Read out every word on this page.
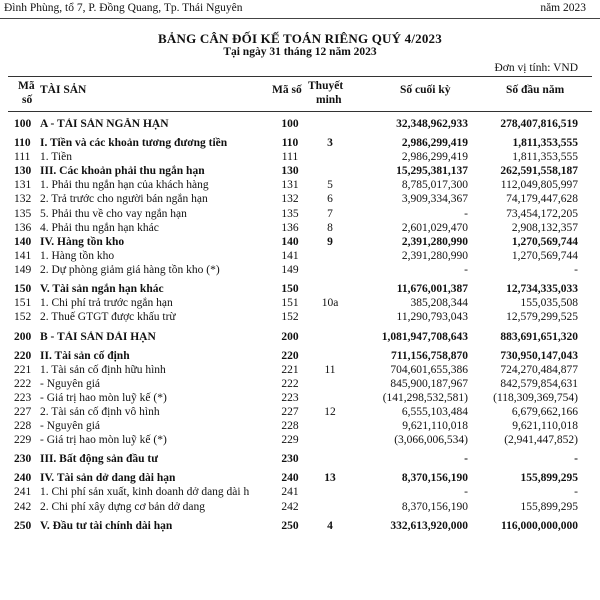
Đình Phùng, tổ 7, P. Đồng Quang, Tp. Thái Nguyên	năm 2023
BẢNG CÂN ĐỐI KẾ TOÁN RIÊNG QUÝ 4/2023
Tại ngày 31 tháng 12 năm 2023
Đơn vị tính: VND
Mã
số
TÀI SẢN	Mã số Thuyết
minh
Số cuối kỳ	Số đầu năm
100 A - TÀI SẢN NGẮN HẠN	100	32,348,962,933	278,407,816,519
110 I. Tiền và các khoản tương đương tiền	110	3	2,986,299,419	1,811,353,555
111 1. Tiền	111	2,986,299,419	1,811,353,555
130 III. Các khoản phải thu ngắn hạn	130	15,295,381,137	262,591,558,187
131 1. Phải thu ngắn hạn của khách hàng	131	5	8,785,017,300	112,049,805,997
132 2. Trả trước cho người bán ngắn hạn	132	6	3,909,334,367	74,179,447,628
135 5. Phải thu về cho vay ngắn hạn	135	7	-	73,454,172,205
136 4. Phải thu ngắn hạn khác	136	8	2,601,029,470	2,908,132,357
140 IV. Hàng tồn kho	140	9	2,391,280,990	1,270,569,744
141 1. Hàng tồn kho	141	2,391,280,990	1,270,569,744
149 2. Dự phòng giảm giá hàng tồn kho (*)	149	-	-
150 V. Tài sản ngắn hạn khác	150	11,676,001,387	12,734,335,033
151 1. Chi phí trả trước ngắn hạn	151	10a	385,208,344	155,035,508
152 2. Thuế GTGT được khấu trừ	152	11,290,793,043	12,579,299,525
200 B - TÀI SẢN DÀI HẠN	200	1,081,947,708,643	883,691,651,320
220 II. Tài sản cố định	220	711,156,758,870	730,950,147,043
221 1. Tài sản cố định hữu hình	221	11	704,601,655,386	724,270,484,877
222 - Nguyên giá	222	845,900,187,967	842,579,854,631
223 - Giá trị hao mòn luỹ kế (*)	223	(141,298,532,581)	(118,309,369,754)
227 2. Tài sản cố định vô hình	227	12	6,555,103,484	6,679,662,166
228 - Nguyên giá	228	9,621,110,018	9,621,110,018
229 - Giá trị hao mòn luỹ kế (*)	229	(3,066,006,534)	(2,941,447,852)
230 III. Bất động sản đầu tư	230	-	-
240 IV. Tài sản dở dang dài hạn	240	13	8,370,156,190	155,899,295
241 1. Chi phí sản xuất, kinh doanh dở dang dài h	241	-	-
242 2. Chi phí xây dựng cơ bản dở dang	242	8,370,156,190	155,899,295
250 V. Đầu tư tài chính dài hạn	250	4	332,613,920,000	116,000,000,000
